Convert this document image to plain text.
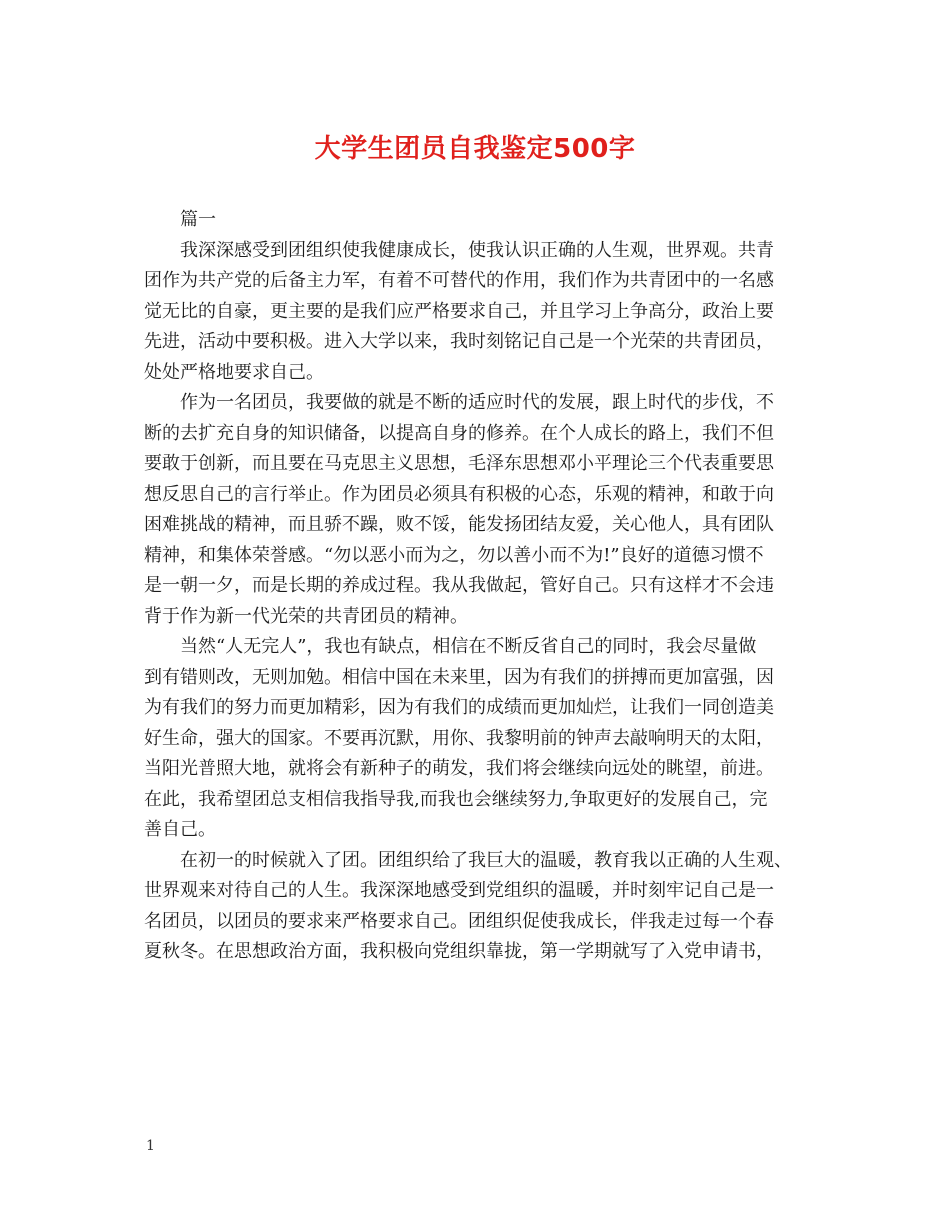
大学生团员自我鉴定500字
篇一
我深深感受到团组织使我健康成长，使我认识正确的人生观，世界观。共青
团作为共产党的后备主力军，有着不可替代的作用，我们作为共青团中的一名感
觉无比的自豪，更主要的是我们应严格要求自己，并且学习上争高分，政治上要
先进，活动中要积极。进入大学以来，我时刻铭记自己是一个光荣的共青团员，
处处严格地要求自己。
作为一名团员，我要做的就是不断的适应时代的发展，跟上时代的步伐，不
断的去扩充自身的知识储备，以提高自身的修养。在个人成长的路上，我们不但
要敢于创新，而且要在马克思主义思想，毛泽东思想邓小平理论三个代表重要思
想反思自己的言行举止。作为团员必须具有积极的心态，乐观的精神，和敢于向
困难挑战的精神，而且骄不躁，败不馁，能发扬团结友爱，关心他人，具有团队
精神，和集体荣誉感。“勿以恶小而为之，勿以善小而不为!”良好的道德习惯不
是一朝一夕，而是长期的养成过程。我从我做起，管好自己。只有这样才不会违
背于作为新一代光荣的共青团员的精神。
当然“人无完人”，我也有缺点，相信在不断反省自己的同时，我会尽量做
到有错则改，无则加勉。相信中国在未来里，因为有我们的拼搏而更加富强，因
为有我们的努力而更加精彩，因为有我们的成绩而更加灿烂，让我们一同创造美
好生命，强大的国家。不要再沉默，用你、我黎明前的钟声去敲响明天的太阳，
当阳光普照大地，就将会有新种子的萌发，我们将会继续向远处的眺望，前进。
在此，我希望团总支相信我指导我,而我也会继续努力,争取更好的发展自己，完
善自己。
在初一的时候就入了团。团组织给了我巨大的温暖，教育我以正确的人生观、
世界观来对待自己的人生。我深深地感受到党组织的温暖，并时刻牢记自己是一
名团员，以团员的要求来严格要求自己。团组织促使我成长，伴我走过每一个春
夏秋冬。在思想政治方面，我积极向党组织靠拢，第一学期就写了入党申请书，
1
